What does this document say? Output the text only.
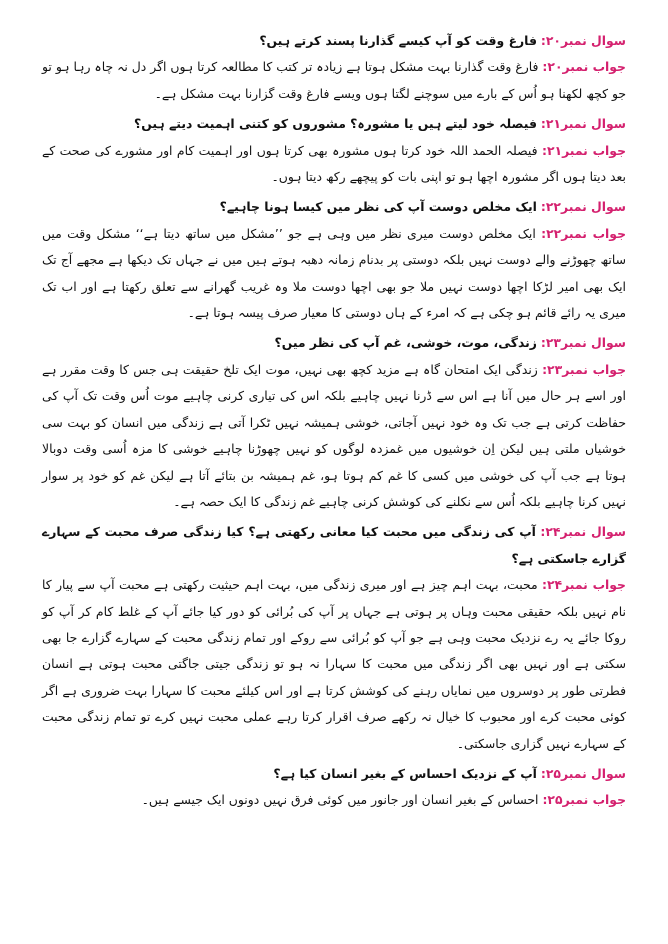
سوال نمبر۲۰: فارغ وقت کو آپ کیسے گذارنا پسند کرتے ہیں؟

جواب نمبر۲۰: فارغ وقت گذارنا بہت مشکل ہوتا ہے زیادہ تر کتب کا مطالعہ کرتا ہوں اگر دل نہ چاہ رہا ہو تو جو کچھ لکھنا ہو اُس کے بارے میں سوچنے لگتا ہوں ویسے فارغ وقت گزارنا بہت مشکل ہے۔

سوال نمبر۲۱: فیصلہ خود لیتے ہیں یا مشورہ؟ مشوروں کو کتنی اہمیت دیتے ہیں؟

جواب نمبر۲۱: فیصلہ الحمد اللہ خود کرتا ہوں مشورہ بھی کرتا ہوں اور اہمیت کام اور مشورے کی صحت کے بعد دیتا ہوں اگر مشورہ اچھا ہو تو اپنی بات کو پیچھے رکھ دیتا ہوں۔

سوال نمبر۲۲: ایک مخلص دوست آپ کی نظر میں کیسا ہونا چاہیے؟

جواب نمبر۲۲: ایک مخلص دوست میری نظر میں وہی ہے جو ’’مشکل میں ساتھ دیتا ہے‘‘ مشکل وقت میں ساتھ چھوڑنے والے دوست نہیں بلکہ دوستی پر بدنام زمانہ دھبہ ہوتے ہیں میں نے جہاں تک دیکھا ہے مجھے آج تک ایک بھی امیر لڑکا اچھا دوست نہیں ملا جو بھی اچھا دوست ملا وہ غریب گھرانے سے تعلق رکھتا ہے اور اب تک میری یہ رائے قائم ہو چکی ہے کہ امرء کے ہاں دوستی کا معیار صرف پیسہ ہوتا ہے۔

سوال نمبر۲۳: زندگی، موت، خوشی، غم آپ کی نظر میں؟

جواب نمبر۲۳: زندگی ایک امتحان گاہ ہے مزید کچھ بھی نہیں، موت ایک تلخ حقیقت ہی جس کا وقت مقرر ہے اور اسے ہر حال میں آنا ہے اس سے ڈرنا نہیں چاہیے بلکہ اس کی تیاری کرنی چاہیے موت اُس وقت تک آپ کی حفاظت کرتی ہے جب تک وہ خود نہیں آجاتی، خوشی ہمیشہ نہیں ٹکرا آتی ہے زندگی میں انسان کو بہت سی خوشیاں ملتی ہیں لیکن اِن خوشیوں میں غمزدہ لوگوں کو نہیں چھوڑنا چاہیے خوشی کا مزہ اُسی وقت دوبالا ہوتا ہے جب آپ کی خوشی میں کسی کا غم کم ہوتا ہو، غم ہمیشہ بن بتائے آتا ہے لیکن غم کو خود پر سوار نہیں کرنا چاہیے بلکہ اُس سے نکلنے کی کوشش کرنی چاہیے غم زندگی کا ایک حصہ ہے۔

سوال نمبر۲۴: آپ کی زندگی میں محبت کیا معانی رکھتی ہے؟ کیا زندگی صرف محبت کے سہارے گزارے جاسکتی ہے؟

جواب نمبر۲۴: محبت، بہت اہم چیز ہے اور میری زندگی میں، بہت اہم حیثیت رکھتی ہے محبت آپ سے پیار کا نام نہیں بلکہ حقیقی محبت وہاں پر ہوتی ہے جہاں پر آپ کی بُرائی کو دور کیا جائے آپ کے غلط کام کر آپ کو روکا جائے یہ رے نزدیک محبت وہی ہے جو آپ کو بُرائی سے روکے اور تمام زندگی محبت کے سہارے گزارے جا بھی سکتی ہے اور نہیں بھی اگر زندگی میں محبت کا سہارا نہ ہو تو زندگی جیتی جاگتی محبت ہوتی ہے انسان فطرتی طور پر دوسروں میں نمایاں رہنے کی کوشش کرتا ہے اور اس کیلئے محبت کا سہارا بہت ضروری ہے اگر کوئی محبت کرے اور محبوب کا خیال نہ رکھے صرف اقرار کرتا رہے عملی محبت نہیں کرے تو تمام زندگی محبت کے سہارے نہیں گزاری جاسکتی۔

سوال نمبر۲۵: آپ کے نزدیک احساس کے بغیر انسان کیا ہے؟

جواب نمبر۲۵: احساس کے بغیر انسان اور جانور میں کوئی فرق نہیں دونوں ایک جیسے ہیں۔
